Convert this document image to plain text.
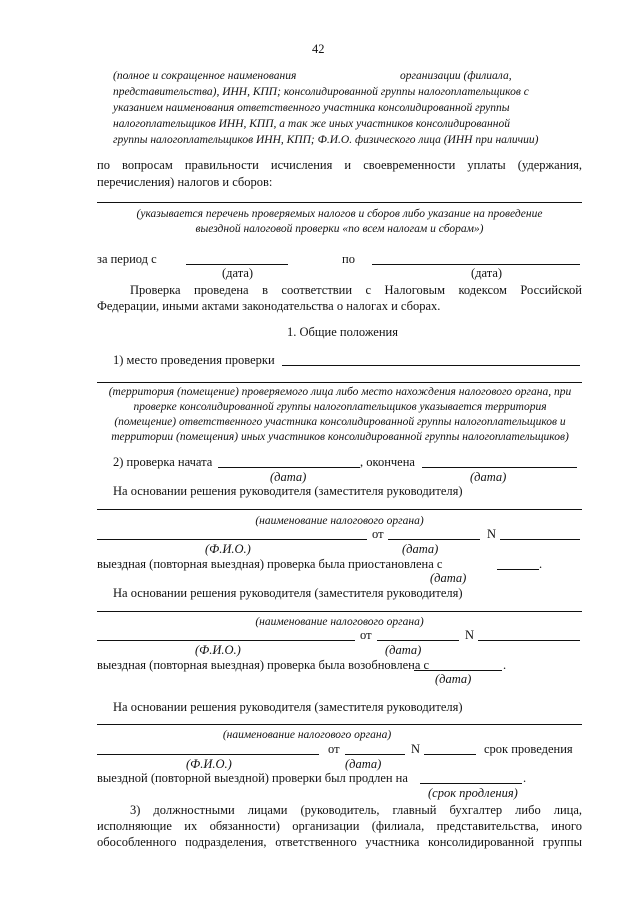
42
(полное и сокращенное наименования	организации (филиала,
представительства), ИНН, КПП; консолидированной группы налогоплательщиков с
указанием наименования ответственного участника консолидированной группы
налогоплательщиков ИНН, КПП, а так же иных участников консолидированной
группы налогоплательщиков ИНН, КПП; Ф.И.О. физического лица (ИНН при наличии)
по вопросам правильности исчисления и своевременности уплаты (удержания,
перечисления) налогов и сборов:
(указывается перечень проверяемых налогов и сборов либо указание на проведение
выездной налоговой проверки «по всем налогам и сборам»)
за период с	по
(дата)	(дата)
Проверка проведена в соответствии с Налоговым кодексом Российской
Федерации, иными актами законодательства о налогах и сборах.
1. Общие положения
1) место проведения проверки
(территория (помещение) проверяемого лица либо место нахождения налогового органа, при
проверке консолидированной группы налогоплательщиков указывается территория
(помещение) ответственного участника консолидированной группы налогоплательщиков и
территории (помещения) иных участников консолидированной группы налогоплательщиков)
2) проверка начата	, окончена
(дата)	(дата)
На основании решения руководителя (заместителя руководителя)
(наименование налогового органа)
от	N
(Ф.И.О.)	(дата)
выездная (повторная выездная) проверка была приостановлена с	.
(дата)
На основании решения руководителя (заместителя руководителя)
(наименование налогового органа)
от	N
(Ф.И.О.)	(дата)
выездная (повторная выездная) проверка была возобновлена с	.
(дата)
На основании решения руководителя (заместителя руководителя)
(наименование налогового органа)
от	N	срок проведения
(Ф.И.О.)	(дата)
выездной (повторной выездной) проверки был продлен на	.
(срок продления)
3) должностными лицами (руководитель, главный бухгалтер либо лица,
исполняющие их обязанности) организации (филиала, представительства, иного
обособленного подразделения, ответственного участника консолидированной группы
